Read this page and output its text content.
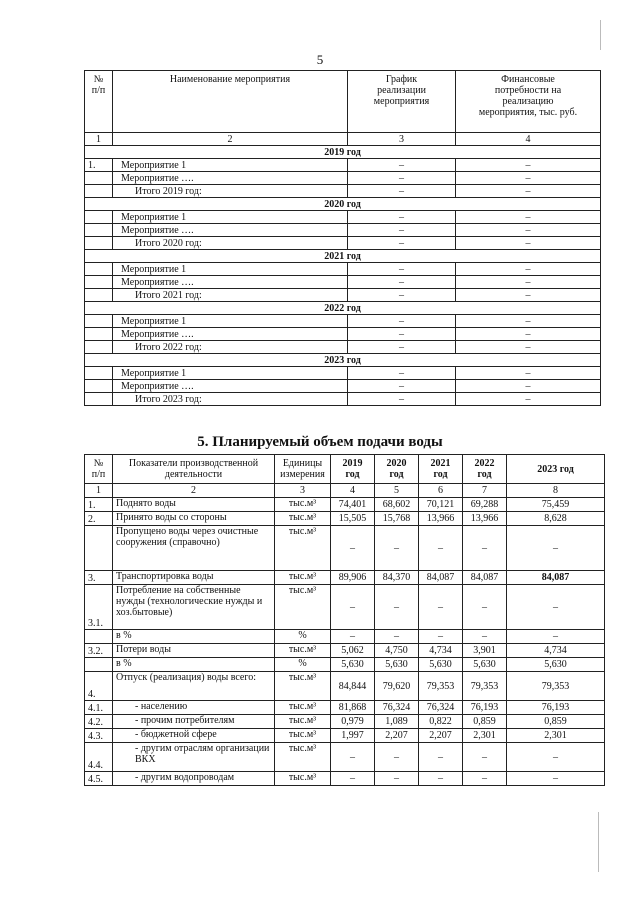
5
№
п/п	Наименование мероприятия	График
реализации
мероприятия	Финансовые
потребности на
реализацию
мероприятия, тыс. руб.
1	2	3	4
2019 год			
1.	Мероприятие 1	–	–
	Мероприятие ….	–	–
	Итого 2019 год:	–	–
2020 год			
	Мероприятие 1	–	–
	Мероприятие ….	–	–
	Итого 2020 год:	–	–
2021 год			
	Мероприятие 1	–	–
	Мероприятие ….	–	–
	Итого 2021 год:	–	–
2022 год			
	Мероприятие 1	–	–
	Мероприятие ….	–	–
	Итого 2022 год:	–	–
2023 год			
	Мероприятие 1	–	–
	Мероприятие ….	–	–
	Итого 2023 год:	–	–
5. Планируемый объем подачи воды
№
п/п	Показатели производственной
деятельности	Единицы
измерения	2019
год	2020
год	2021
год	2022
год	2023 год
1	2	3	4	5	6	7	8
1.	Поднято воды	тыс.м³	74,401	68,602	70,121	69,288	75,459
2.	Принято воды со стороны	тыс.м³	15,505	15,768	13,966	13,966	8,628
	Пропущено воды через очистные сооружения (справочно)	тыс.м³	–	–	–	–	–
3.	Транспортировка воды	тыс.м³	89,906	84,370	84,087	84,087	84,087
3.1.	Потребление на собственные нужды (технологические нужды и хоз.бытовые)	тыс.м³	–	–	–	–	–
	в %	%	–	–	–	–	–
3.2.	Потери воды	тыс.м³	5,062	4,750	4,734	3,901	4,734
	в %	%	5,630	5,630	5,630	5,630	5,630
4.	Отпуск (реализация) воды всего:	тыс.м³	84,844	79,620	79,353	79,353	79,353
4.1.	- населению	тыс.м³	81,868	76,324	76,324	76,193	76,193
4.2.	- прочим потребителям	тыс.м³	0,979	1,089	0,822	0,859	0,859
4.3.	- бюджетной сфере	тыс.м³	1,997	2,207	2,207	2,301	2,301
4.4.	- другим отраслям организации ВКХ	тыс.м³	–	–	–	–	–
4.5.	- другим водопроводам	тыс.м³	–	–	–	–	–
